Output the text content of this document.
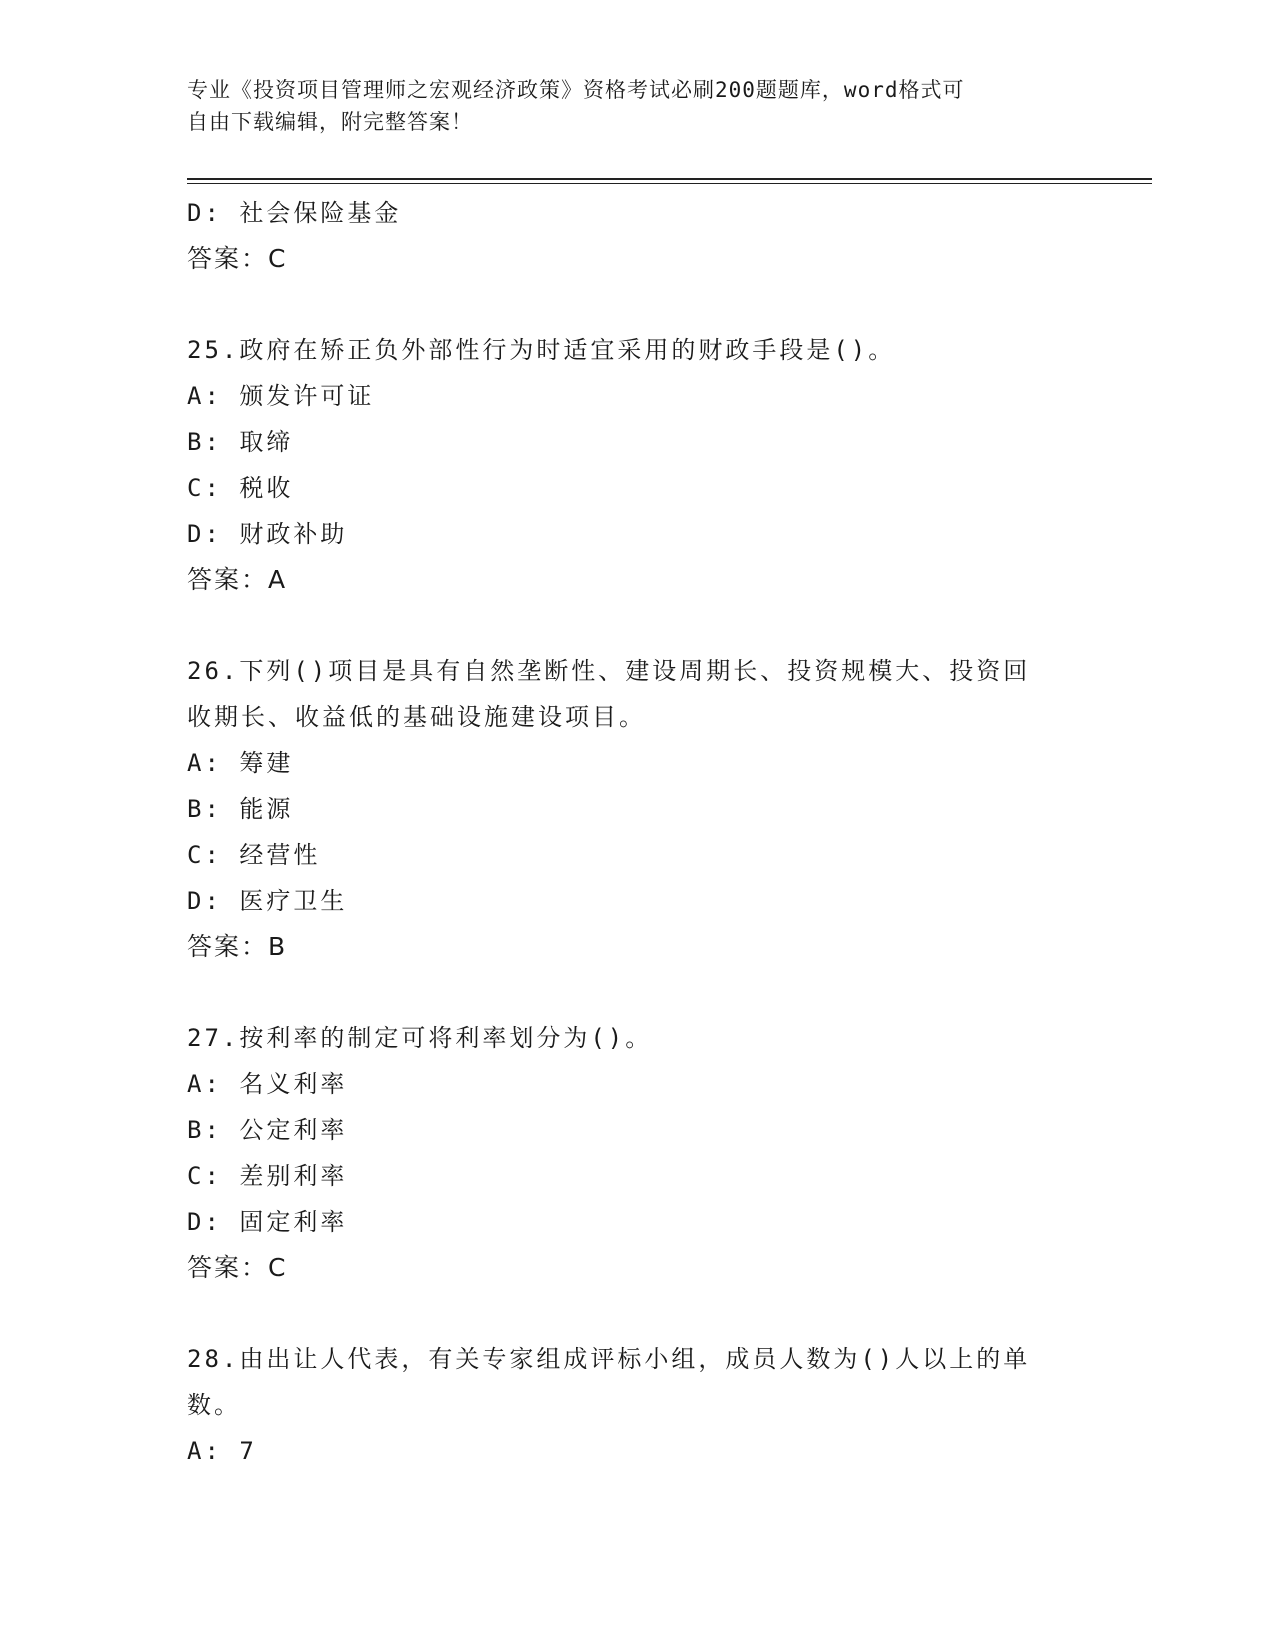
专业《投资项目管理师之宏观经济政策》资格考试必刷200题题库，word格式可
自由下载编辑，附完整答案！
D: 社会保险基金
答案：C
25.政府在矫正负外部性行为时适宜采用的财政手段是()。
A: 颁发许可证
B: 取缔
C: 税收
D: 财政补助
答案：A
26.下列()项目是具有自然垄断性、建设周期长、投资规模大、投资回
收期长、收益低的基础设施建设项目。
A: 筹建
B: 能源
C: 经营性
D: 医疗卫生
答案：B
27.按利率的制定可将利率划分为()。
A: 名义利率
B: 公定利率
C: 差别利率
D: 固定利率
答案：C
28.由出让人代表，有关专家组成评标小组，成员人数为()人以上的单
数。
A: 7
